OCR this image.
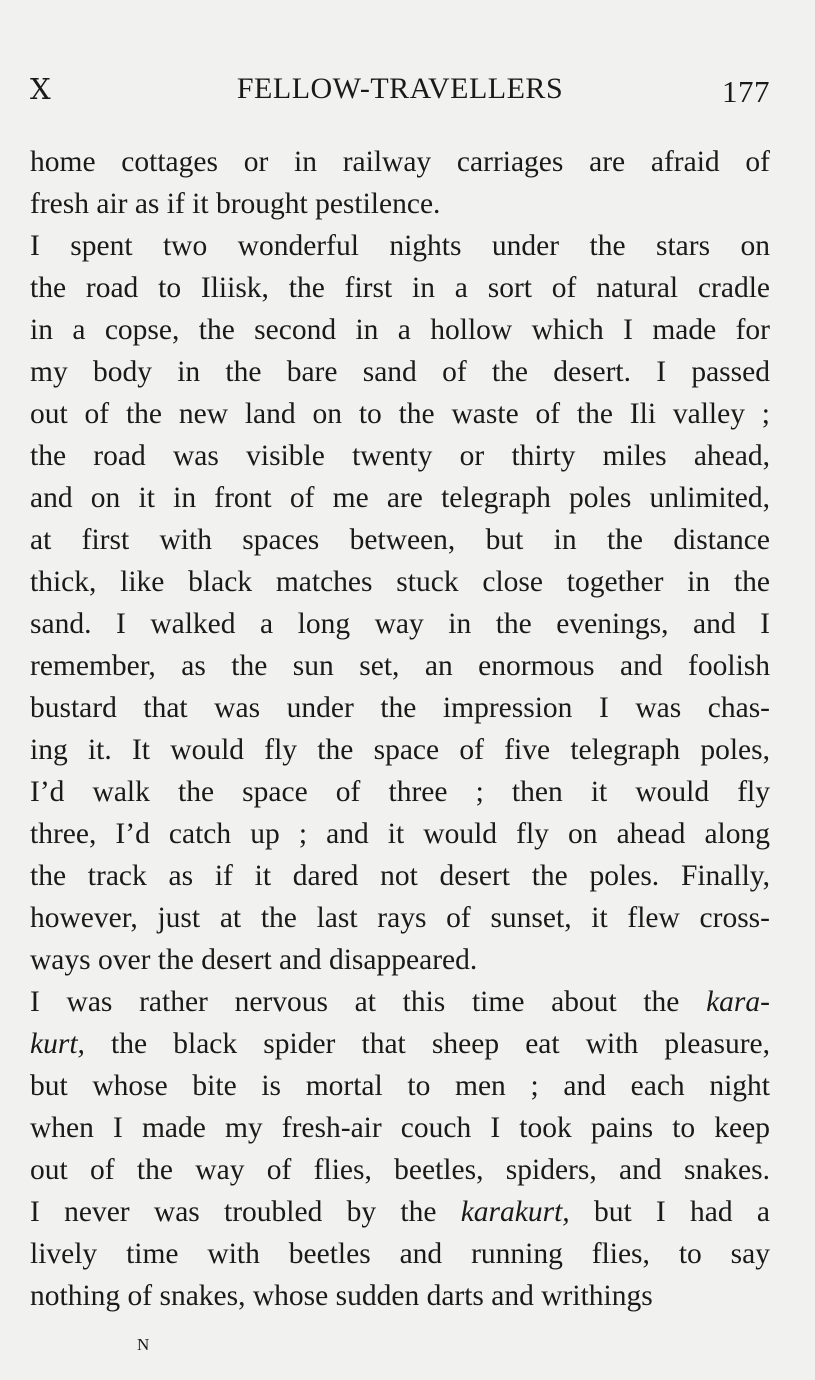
X	FELLOW-TRAVELLERS	177
home cottages or in railway carriages are afraid of
fresh air as if it brought pestilence.
I spent two wonderful nights under the stars on
the road to Iliisk, the first in a sort of natural cradle
in a copse, the second in a hollow which I made for
my body in the bare sand of the desert. I passed
out of the new land on to the waste of the Ili valley ;
the road was visible twenty or thirty miles ahead,
and on it in front of me are telegraph poles unlimited,
at first with spaces between, but in the distance
thick, like black matches stuck close together in the
sand. I walked a long way in the evenings, and I
remember, as the sun set, an enormous and foolish
bustard that was under the impression I was chas-
ing it. It would fly the space of five telegraph poles,
I’d walk the space of three ; then it would fly
three, I’d catch up ; and it would fly on ahead along
the track as if it dared not desert the poles. Finally,
however, just at the last rays of sunset, it flew cross-
ways over the desert and disappeared.
I was rather nervous at this time about the kara-
kurt, the black spider that sheep eat with pleasure,
but whose bite is mortal to men ; and each night
when I made my fresh-air couch I took pains to keep
out of the way of flies, beetles, spiders, and snakes.
I never was troubled by the karakurt, but I had a
lively time with beetles and running flies, to say
nothing of snakes, whose sudden darts and writhings
N
